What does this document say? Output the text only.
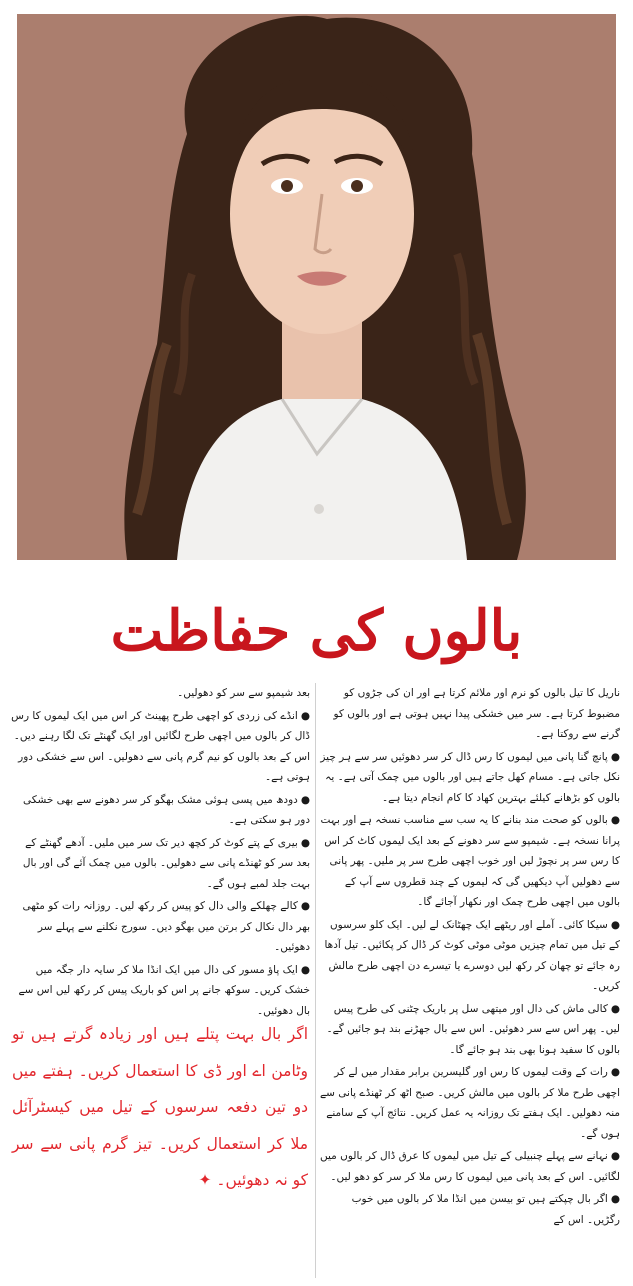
بالوں کی حفاظت

ناریل کا تیل بالوں کو نرم اور ملائم کرتا ہے اور ان کی جڑوں کو مضبوط کرتا ہے۔ سر میں خشکی پیدا نہیں ہوتی ہے اور بالوں کو گرنے سے روکتا ہے۔

●پانچ گنا پانی میں لیموں کا رس ڈال کر سر دھوئیں سر سے ہر چیز نکل جاتی ہے۔ مسام کھل جاتے ہیں اور بالوں میں چمک آتی ہے۔ یہ بالوں کو بڑھانے کیلئے بہترین کھاد کا کام انجام دیتا ہے۔

●بالوں کو صحت مند بنانے کا یہ سب سے مناسب نسخہ ہے اور بہت پرانا نسخہ ہے۔ شیمپو سے سر دھونے کے بعد ایک لیموں کاٹ کر اس کا رس سر پر نچوڑ لیں اور خوب اچھی طرح سر پر ملیں۔ پھر پانی سے دھولیں آپ دیکھیں گی کہ لیموں کے چند قطروں سے آپ کے بالوں میں اچھی طرح چمک اور نکھار آجائے گا۔

●سیکا کائی۔ آملے اور ریٹھے ایک چھٹانک لے لیں۔ ایک کلو سرسوں کے تیل میں تمام چیزیں موٹی موٹی کوٹ کر ڈال کر پکائیں۔ تیل آدھا رہ جائے تو چھان کر رکھ لیں دوسرے یا تیسرے دن اچھی طرح مالش کریں۔

●کالی ماش کی دال اور میتھی سل پر باریک چٹنی کی طرح پیس لیں۔ پھر اس سے سر دھوئیں۔ اس سے بال جھڑنے بند ہو جائیں گے۔ بالوں کا سفید ہونا بھی بند ہو جائے گا۔

●رات کے وقت لیموں کا رس اور گلیسرین برابر مقدار میں لے کر اچھی طرح ملا کر بالوں میں مالش کریں۔ صبح اٹھ کر ٹھنڈے پانی سے منہ دھولیں۔ ایک ہفتے تک روزانہ یہ عمل کریں۔ نتائج آپ کے سامنے ہوں گے۔

●نہانے سے پہلے چنبیلی کے تیل میں لیموں کا عرق ڈال کر بالوں میں لگائیں۔ اس کے بعد پانی میں لیموں کا رس ملا کر سر کو دھو لیں۔

●اگر بال چپکتے ہیں تو بیسن میں انڈا ملا کر بالوں میں خوب رگڑیں۔ اس کے

بعد شیمپو سے سر کو دھولیں۔

●انڈے کی زردی کو اچھی طرح پھینٹ کر اس میں ایک لیموں کا رس ڈال کر بالوں میں اچھی طرح لگائیں اور ایک گھنٹے تک لگا رہنے دیں۔ اس کے بعد بالوں کو نیم گرم پانی سے دھولیں۔ اس سے خشکی دور ہوتی ہے۔

●دودھ میں پسی ہوئی مشک بھگو کر سر دھونے سے بھی خشکی دور ہو سکتی ہے۔

●بیری کے پتے کوٹ کر کچھ دیر تک سر میں ملیں۔ آدھے گھنٹے کے بعد سر کو ٹھنڈے پانی سے دھولیں۔ بالوں میں چمک آئے گی اور بال بہت جلد لمبے ہوں گے۔

●کالے چھلکے والی دال کو پیس کر رکھ لیں۔ روزانہ رات کو مٹھی بھر دال نکال کر برتن میں بھگو دیں۔ سورج نکلنے سے پہلے سر دھوئیں۔

●ایک پاؤ مسور کی دال میں ایک انڈا ملا کر سایہ دار جگہ میں خشک کریں۔ سوکھ جانے پر اس کو باریک پیس کر رکھ لیں اس سے بال دھوئیں۔

اگر بال بہت پتلے ہیں اور زیادہ گرتے ہیں تو وٹامن اے اور ڈی کا استعمال کریں۔ ہفتے میں دو تین دفعہ سرسوں کے تیل میں کیسٹرآئل ملا کر استعمال کریں۔ تیز گرم پانی سے سر کو نہ دھوئیں۔ ✦
